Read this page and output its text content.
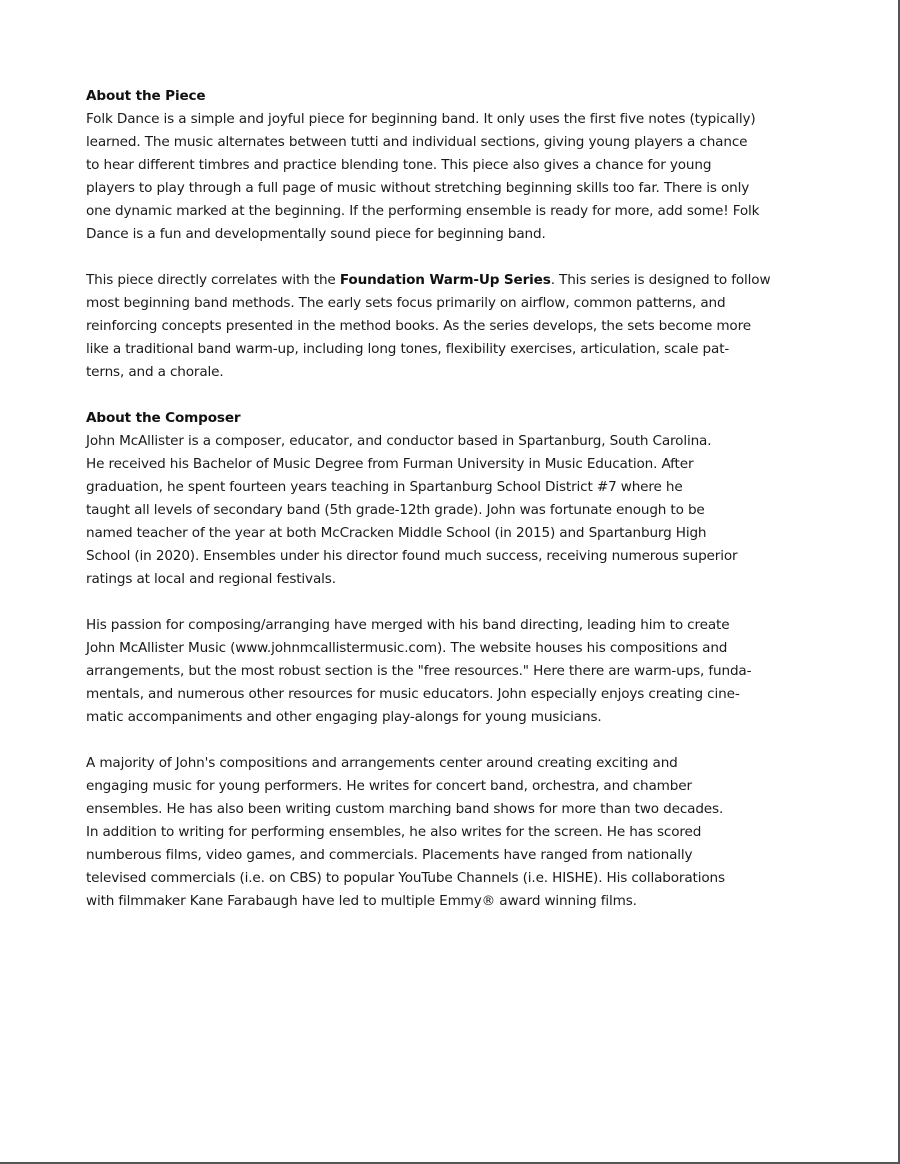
About the Piece
Folk Dance is a simple and joyful piece for beginning band. It only uses the first five notes (typically)
learned. The music alternates between tutti and individual sections, giving young players a chance
to hear different timbres and practice blending tone. This piece also gives a chance for young
players to play through a full page of music without stretching beginning skills too far. There is only
one dynamic marked at the beginning. If the performing ensemble is ready for more, add some! Folk
Dance is a fun and developmentally sound piece for beginning band.
This piece directly correlates with the Foundation Warm-Up Series. This series is designed to follow
most beginning band methods. The early sets focus primarily on airflow, common patterns, and
reinforcing concepts presented in the method books. As the series develops, the sets become more
like a traditional band warm-up, including long tones, flexibility exercises, articulation, scale pat-
terns, and a chorale.
About the Composer
John McAllister is a composer, educator, and conductor based in Spartanburg, South Carolina.
He received his Bachelor of Music Degree from Furman University in Music Education. After
graduation, he spent fourteen years teaching in Spartanburg School District #7 where he
taught all levels of secondary band (5th grade-12th grade). John was fortunate enough to be
named teacher of the year at both McCracken Middle School (in 2015) and Spartanburg High
School (in 2020). Ensembles under his director found much success, receiving numerous superior
ratings at local and regional festivals.
His passion for composing/arranging have merged with his band directing, leading him to create
John McAllister Music (www.johnmcallistermusic.com). The website houses his compositions and
arrangements, but the most robust section is the "free resources." Here there are warm-ups, funda-
mentals, and numerous other resources for music educators. John especially enjoys creating cine-
matic accompaniments and other engaging play-alongs for young musicians.
A majority of John's compositions and arrangements center around creating exciting and
engaging music for young performers. He writes for concert band, orchestra, and chamber
ensembles. He has also been writing custom marching band shows for more than two decades.
In addition to writing for performing ensembles, he also writes for the screen. He has scored
numberous films, video games, and commercials. Placements have ranged from nationally
televised commercials (i.e. on CBS) to popular YouTube Channels (i.e. HISHE). His collaborations
with filmmaker Kane Farabaugh have led to multiple Emmy® award winning films.
